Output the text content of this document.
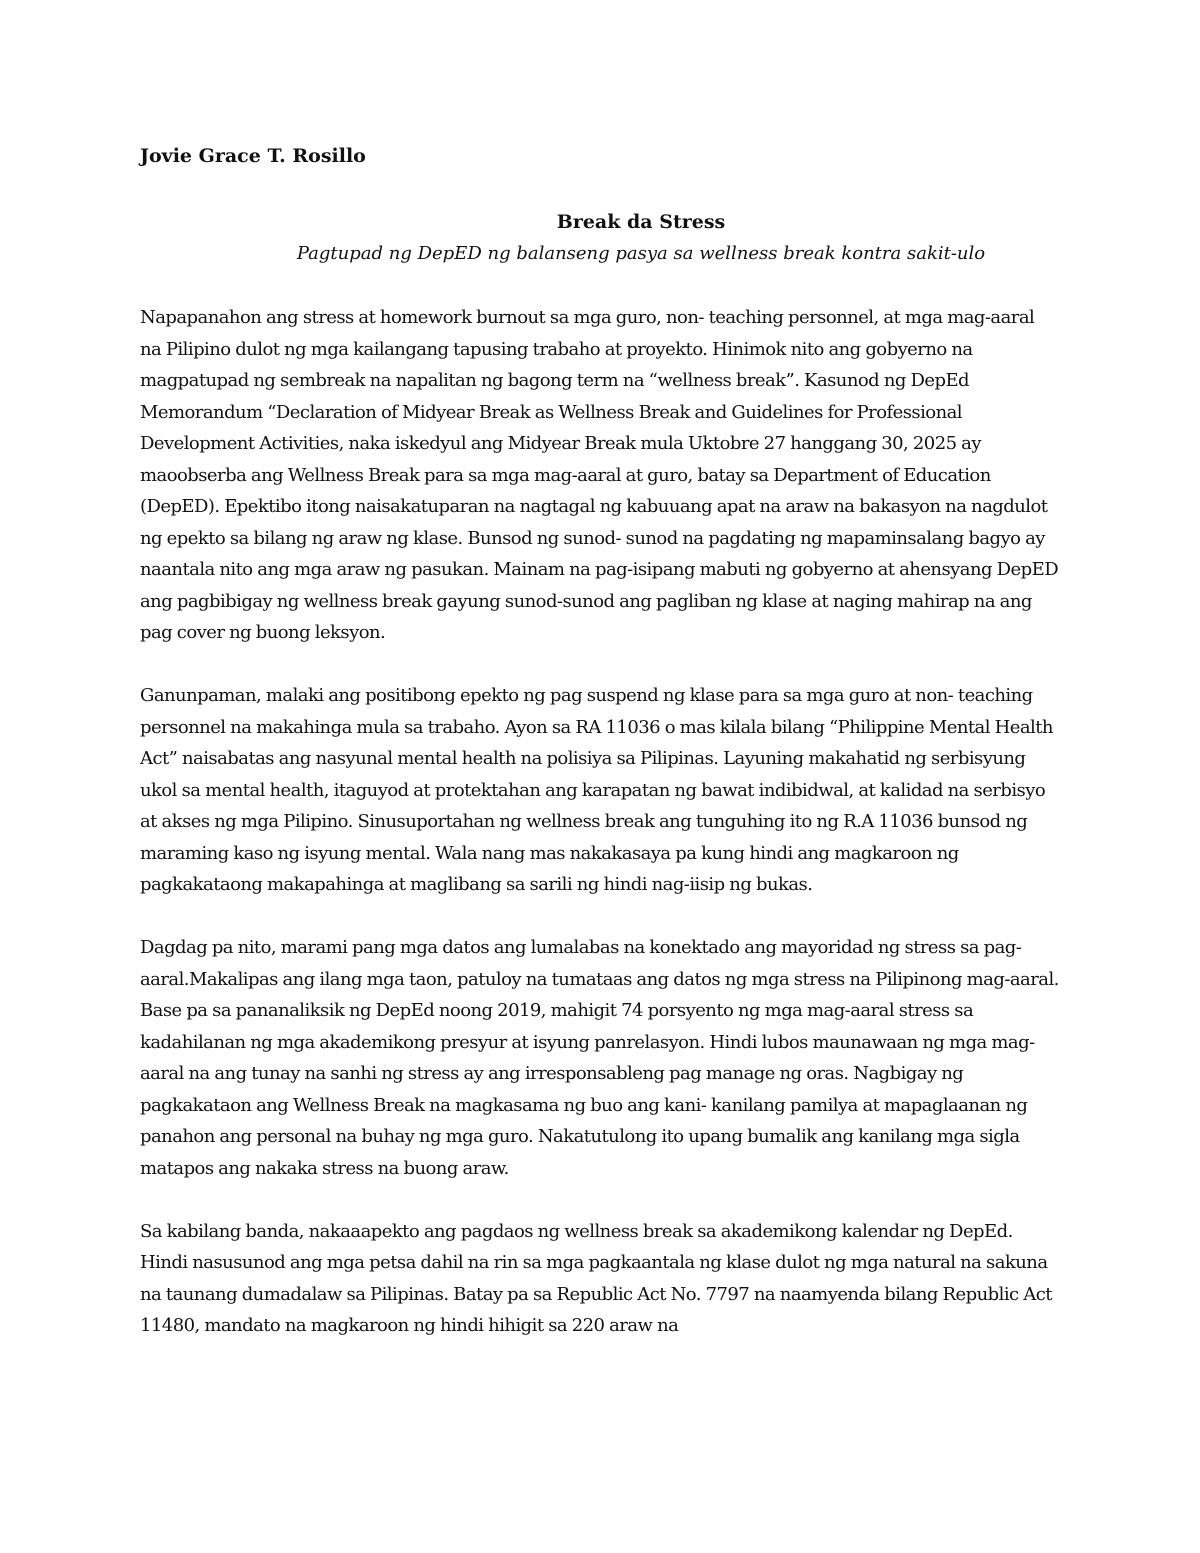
Jovie Grace T. Rosillo

Break da Stress

Pagtupad ng DepED ng balanseng pasya sa wellness break kontra sakit-ulo

Napapanahon ang stress at homework burnout sa mga guro, non- teaching personnel, at mga mag-aaral na Pilipino dulot ng mga kailangang tapusing trabaho at proyekto. Hinimok nito ang gobyerno na magpatupad ng sembreak na napalitan ng bagong term na “wellness break”. Kasunod ng DepEd Memorandum “Declaration of Midyear Break as Wellness Break and Guidelines for Professional Development Activities, naka iskedyul ang Midyear Break mula Uktobre 27 hanggang 30, 2025 ay maoobserba ang Wellness Break para sa mga mag-aaral at guro, batay sa Department of Education (DepED). Epektibo itong naisakatuparan na nagtagal ng kabuuang apat na araw na bakasyon na nagdulot ng epekto sa bilang ng araw ng klase. Bunsod ng sunod- sunod na pagdating ng mapaminsalang bagyo ay naantala nito ang mga araw ng pasukan. Mainam na pag-isipang mabuti ng gobyerno at ahensyang DepED ang pagbibigay ng wellness break gayung sunod-sunod ang pagliban ng klase at naging mahirap na ang pag cover ng buong leksyon.

Ganunpaman, malaki ang positibong epekto ng pag suspend ng klase para sa mga guro at non- teaching personnel na makahinga mula sa trabaho. Ayon sa RA 11036 o mas kilala bilang “Philippine Mental Health Act” naisabatas ang nasyunal mental health na polisiya sa Pilipinas. Layuning makahatid ng serbisyung ukol sa mental health, itaguyod at protektahan ang karapatan ng bawat indibidwal, at kalidad na serbisyo at akses ng mga Pilipino. Sinusuportahan ng wellness break ang tunguhing ito ng R.A 11036 bunsod ng maraming kaso ng isyung mental. Wala nang mas nakakasaya pa kung hindi ang magkaroon ng pagkakataong makapahinga at maglibang sa sarili ng hindi nag-iisip ng bukas.

Dagdag pa nito, marami pang mga datos ang lumalabas na konektado ang mayoridad ng stress sa pag-aaral.Makalipas ang ilang mga taon, patuloy na tumataas ang datos ng mga stress na Pilipinong mag-aaral. Base pa sa pananaliksik ng DepEd noong 2019, mahigit 74 porsyento ng mga mag-aaral stress sa kadahilanan ng mga akademikong presyur at isyung panrelasyon. Hindi lubos maunawaan ng mga mag-aaral na ang tunay na sanhi ng stress ay ang irresponsableng pag manage ng oras. Nagbigay ng pagkakataon ang Wellness Break na magkasama ng buo ang kani- kanilang pamilya at mapaglaanan ng panahon ang personal na buhay ng mga guro. Nakatutulong ito upang bumalik ang kanilang mga sigla matapos ang nakaka stress na buong araw.

Sa kabilang banda, nakaaapekto ang pagdaos ng wellness break sa akademikong kalendar ng DepEd. Hindi nasusunod ang mga petsa dahil na rin sa mga pagkaantala ng klase dulot ng mga natural na sakuna na taunang dumadalaw sa Pilipinas. Batay pa sa Republic Act No. 7797 na naamyenda bilang Republic Act 11480, mandato na magkaroon ng hindi hihigit sa 220 araw na
